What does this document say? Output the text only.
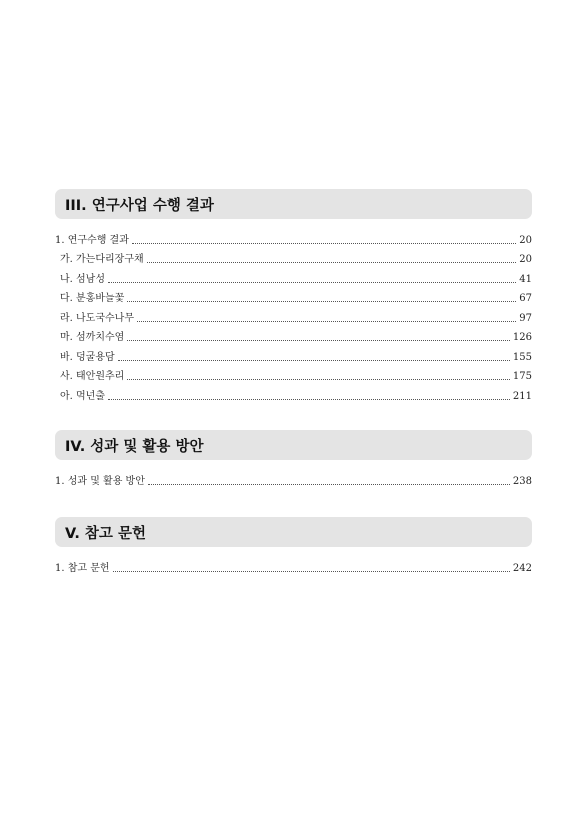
III. 연구사업 수행 결과
1. 연구수행 결과	20
가. 가는다리장구채	20
나. 섬남성	41
다. 분홍바늘꽃	67
라. 나도국수나무	97
마. 섬까치수염	126
바. 덩굴용담	155
사. 태안원추리	175
아. 먹넌출	211
IV. 성과 및 활용 방안
1. 성과 및 활용 방안	238
V. 참고 문헌
1. 참고 문헌	242
